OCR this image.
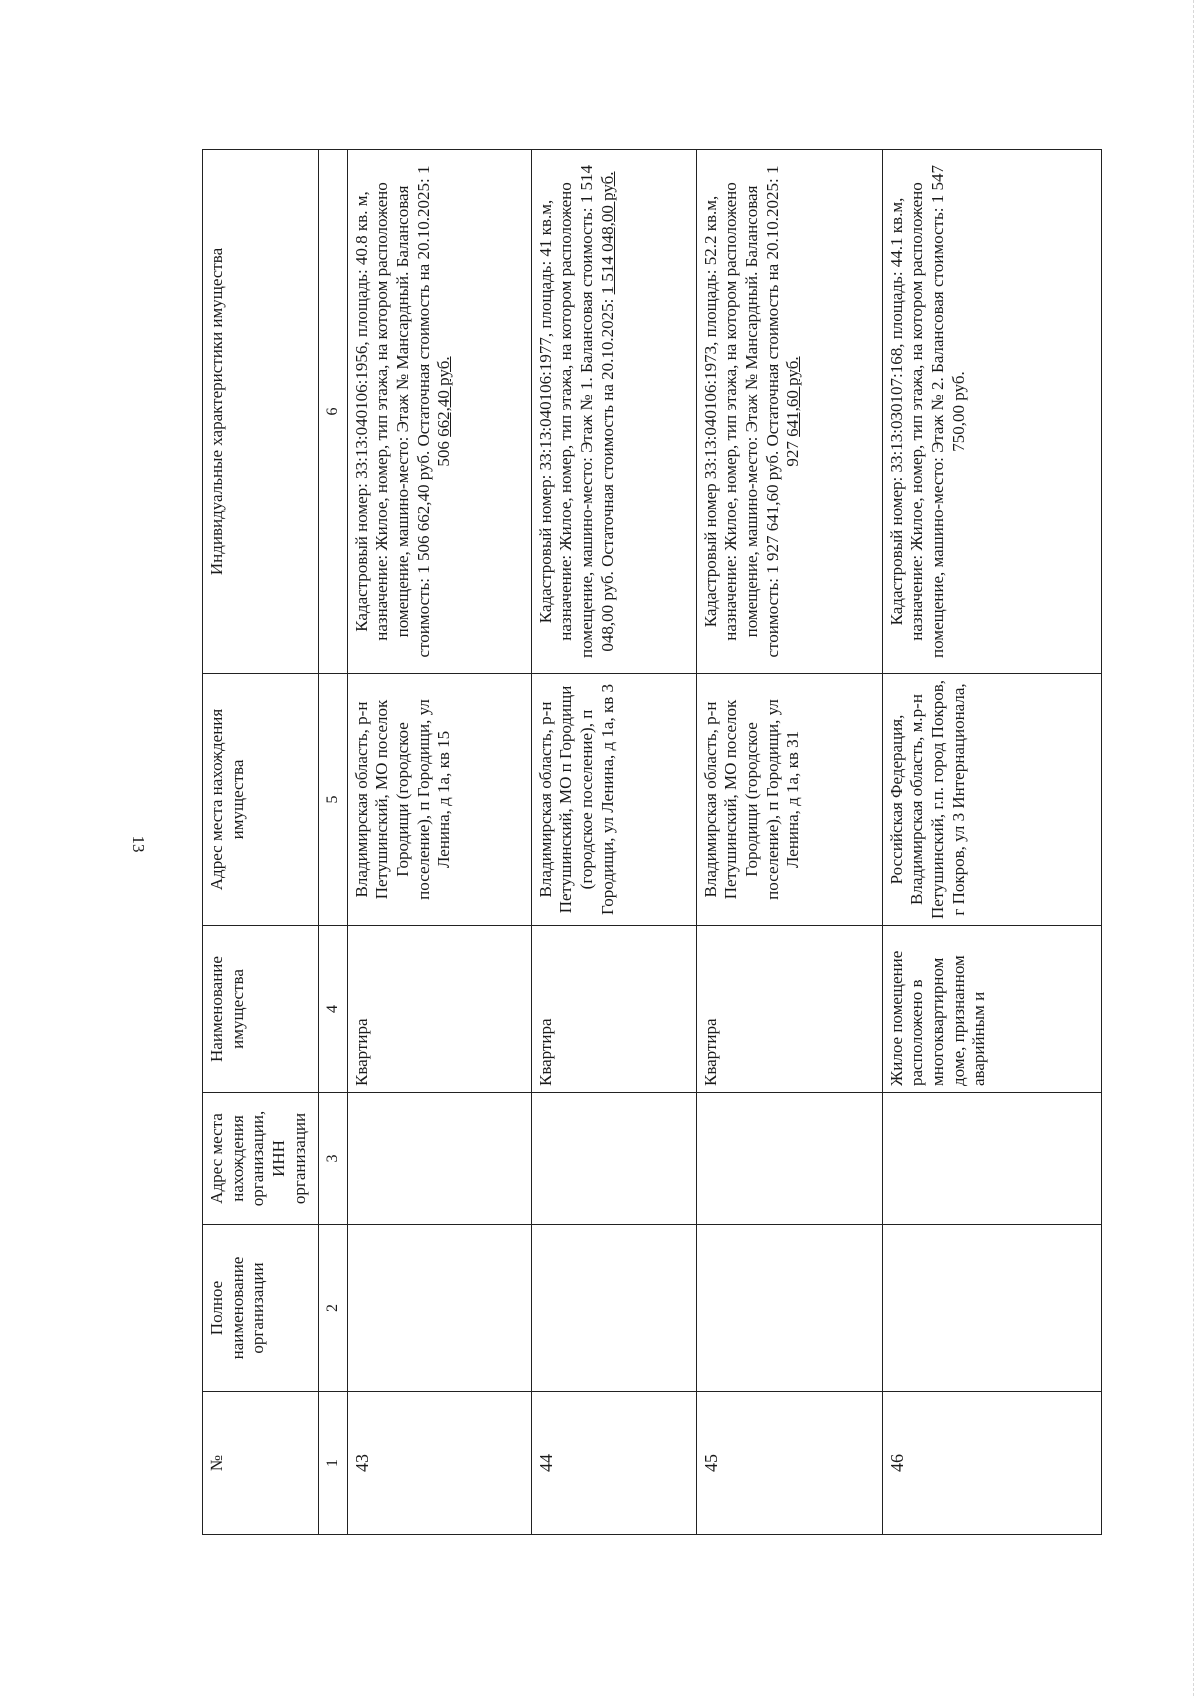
13
№	Полное наименование организации	Адрес места нахождения организации, ИНН организации	Наименование имущества	Адрес места нахождения имущества	Индивидуальные характеристики имущества
1	2	3	4	5	6
43			Квартира	Владимирская область, р-н Петушинский, МО поселок Городищи (городское поселение), п Городищи, ул Ленина, д 1а, кв 15	Кадастровый номер: 33:13:040106:1956, площадь: 40.8 кв. м, назначение: Жилое, номер, тип этажа, на котором расположено помещение, машино-место: Этаж № Мансардный. Балансовая стоимость: 1 506 662,40 руб. Остаточная стоимость на 20.10.2025: 1 506 662,40 руб.
44			Квартира	Владимирская область, р-н Петушинский, МО п Городищи (городское поселение), п Городищи, ул Ленина, д 1а, кв 3	Кадастровый номер: 33:13:040106:1977, площадь: 41 кв.м, назначение: Жилое, номер, тип этажа, на котором расположено помещение, машино-место: Этаж № 1. Балансовая стоимость: 1 514 048,00 руб. Остаточная стоимость на 20.10.2025: 1 514 048,00 руб.
45			Квартира	Владимирская область, р-н Петушинский, МО поселок Городищи (городское поселение), п Городищи, ул Ленина, д 1а, кв 31	Кадастровый номер 33:13:040106:1973, площадь: 52.2 кв.м, назначение: Жилое, номер, тип этажа, на котором расположено помещение, машино-место: Этаж № Мансардный. Балансовая стоимость: 1 927 641,60 руб. Остаточная стоимость на 20.10.2025: 1 927 641,60 руб.
46			Жилое помещение расположено в многоквартирном доме, признанном аварийным и	Российская Федерация, Владимирская область, м.р-н Петушинский, г.п. город Покров, г Покров, ул 3 Интернационала,	Кадастровый номер: 33:13:030107:168, площадь: 44.1 кв.м, назначение: Жилое, номер, тип этажа, на котором расположено помещение, машино-место: Этаж № 2. Балансовая стоимость: 1 547 750,00 руб.
